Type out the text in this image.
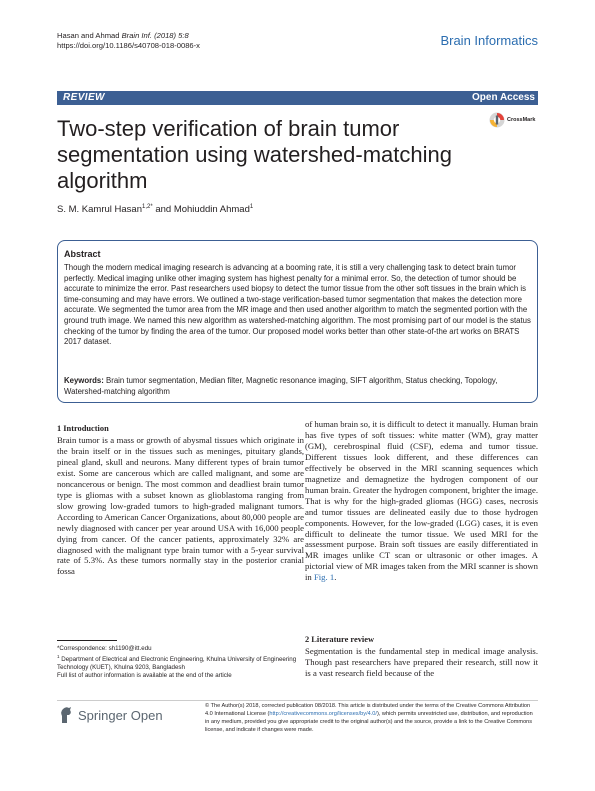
Hasan and Ahmad Brain Inf. (2018) 5:8
https://doi.org/10.1186/s40708-018-0086-x	Brain Informatics
REVIEW	Open Access
CrossMark
Two-step verification of brain tumor segmentation using watershed-matching algorithm
S. M. Kamrul Hasan$^{1,2*}$ and Mohiuddin Ahmad$^1$
Abstract
Though the modern medical imaging research is advancing at a booming rate, it is still a very challenging task to detect brain tumor perfectly. Medical imaging unlike other imaging system has highest penalty for a minimal error. So, the detection of tumor should be accurate to minimize the error. Past researchers used biopsy to detect the tumor tissue from the other soft tissues in the brain which is time-consuming and may have errors. We outlined a two-stage verification-based tumor segmentation that makes the detection more accurate. We segmented the tumor area from the MR image and then used another algorithm to match the segmented portion with the ground truth image. We named this new algorithm as watershed-matching algorithm. The most promising part of our model is the status checking of the tumor by finding the area of the tumor. Our proposed model works better than other state-of-the art works on BRATS 2017 dataset.
Keywords: Brain tumor segmentation, Median filter, Magnetic resonance imaging, SIFT algorithm, Status checking, Topology, Watershed-matching algorithm
1 Introduction
Brain tumor is a mass or growth of abysmal tissues which originate in the brain itself or in the tissues such as meninges, pituitary glands, pineal gland, skull and neurons. Many different types of brain tumor exist. Some are cancerous which are called malignant, and some are noncancerous or benign. The most common and deadliest brain tumor type is gliomas with a subset known as glioblastoma ranging from slow growing low-graded tumors to high-graded malignant tumors. According to American Cancer Organizations, about 80,000 people are newly diagnosed with cancer per year around USA with 16,000 people dying from cancer. Of the cancer patients, approximately 32% are diagnosed with the malignant type brain tumor with a 5-year survival rate of 5.3%. As these tumors normally stay in the posterior cranial fossa
of human brain so, it is difficult to detect it manually. Human brain has five types of soft tissues: white matter (WM), gray matter (GM), cerebrospinal fluid (CSF), edema and tumor tissue. Different tissues look different, and these differences can effectively be observed in the MRI scanning sequences which magnetize and demagnetize the hydrogen component of our human brain. Greater the hydrogen component, brighter the image. That is why for the high-graded gliomas (HGG) cases, necrosis and tumor tissues are delineated easily due to those hydrogen components. However, for the low-graded (LGG) cases, it is even difficult to delineate the tumor tissue. We used MRI for the assessment purpose. Brain soft tissues are easily differentiated in MR images unlike CT scan or ultrasonic or other images. A pictorial view of MR images taken from the MRI scanner is shown in Fig. 1.
2 Literature review
Segmentation is the fundamental step in medical image analysis. Though past researchers have prepared their research, still now it is a vast research field because of the
*Correspondence: sh1190@itt.edu
$^1$ Department of Electrical and Electronic Engineering, Khulna University of Engineering Technology (KUET), Khulna 9203, Bangladesh
Full list of author information is available at the end of the article
Springer Open
© The Author(s) 2018, corrected publication 08/2018. This article is distributed under the terms of the Creative Commons Attribution 4.0 International License (http://creativecommons.org/licenses/by/4.0/), which permits unrestricted use, distribution, and reproduction in any medium, provided you give appropriate credit to the original author(s) and the source, provide a link to the Creative Commons license, and indicate if changes were made.
